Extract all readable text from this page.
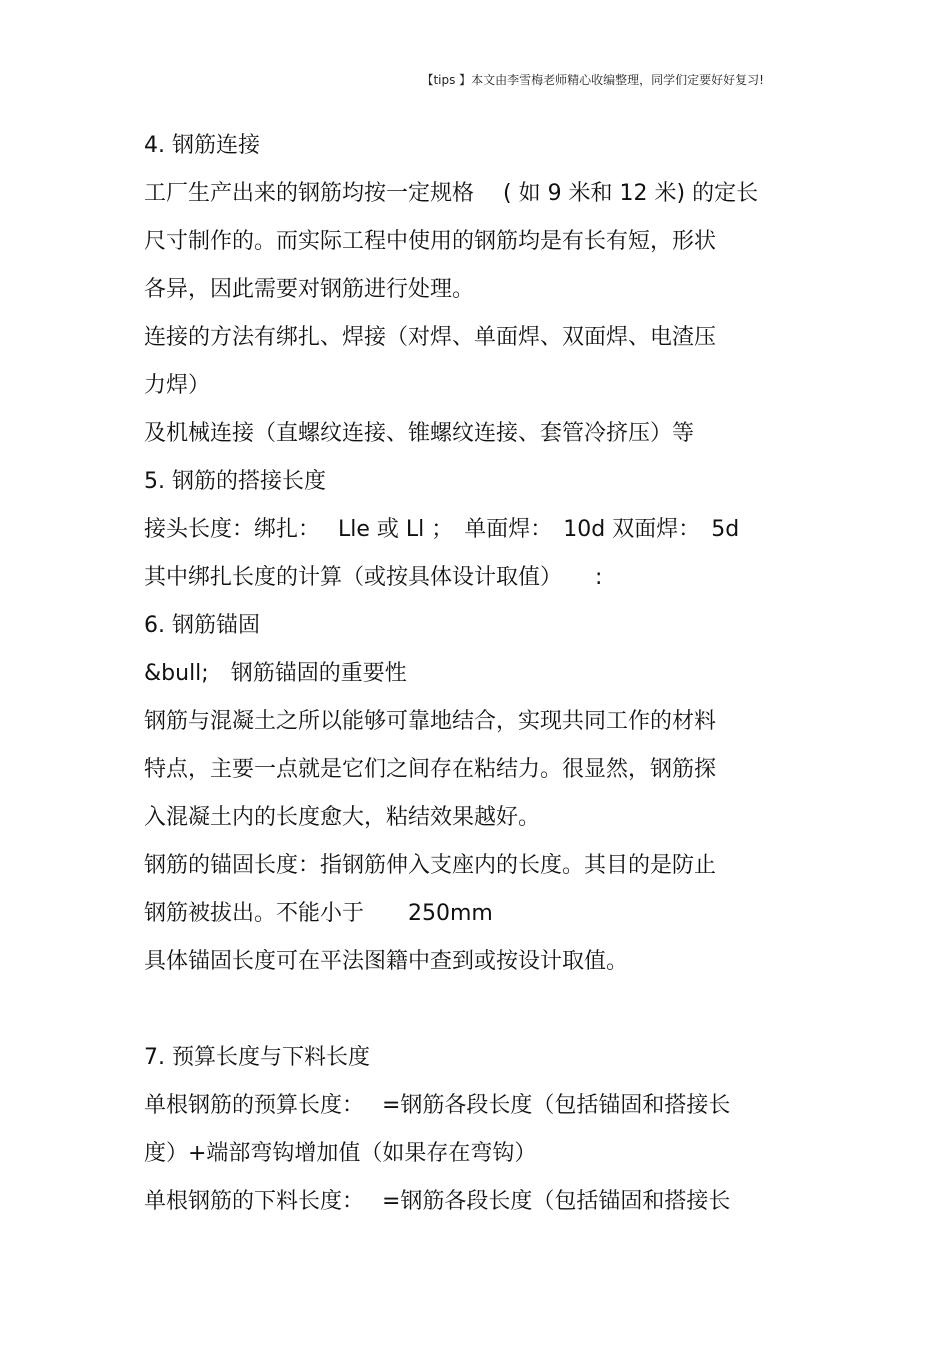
【tips 】本文由李雪梅老师精心收编整理，同学们定要好好复习!
4. 钢筋连接
工厂生产出来的钢筋均按一定规格　 ( 如 9 米和 12 米) 的定长
尺寸制作的。而实际工程中使用的钢筋均是有长有短，形状
各异，因此需要对钢筋进行处理。
连接的方法有绑扎、焊接（对焊、单面焊、双面焊、电渣压
力焊）
及机械连接（直螺纹连接、锥螺纹连接、套管冷挤压）等
5. 钢筋的搭接长度
接头长度：绑扎：　 Lle 或 Ll ；　单面焊：　10d 双面焊：　5d
其中绑扎长度的计算（或按具体设计取值）　　:
6. 钢筋锚固
&bull;　钢筋锚固的重要性
钢筋与混凝土之所以能够可靠地结合，实现共同工作的材料
特点，主要一点就是它们之间存在粘结力。很显然，钢筋探
入混凝土内的长度愈大，粘结效果越好。
钢筋的锚固长度：指钢筋伸入支座内的长度。其目的是防止
钢筋被拔出。不能小于　　250mm
具体锚固长度可在平法图籍中查到或按设计取值。
7. 预算长度与下料长度
单根钢筋的预算长度：　 =钢筋各段长度（包括锚固和搭接长
度）+端部弯钩增加值（如果存在弯钩）
单根钢筋的下料长度：　 =钢筋各段长度（包括锚固和搭接长
